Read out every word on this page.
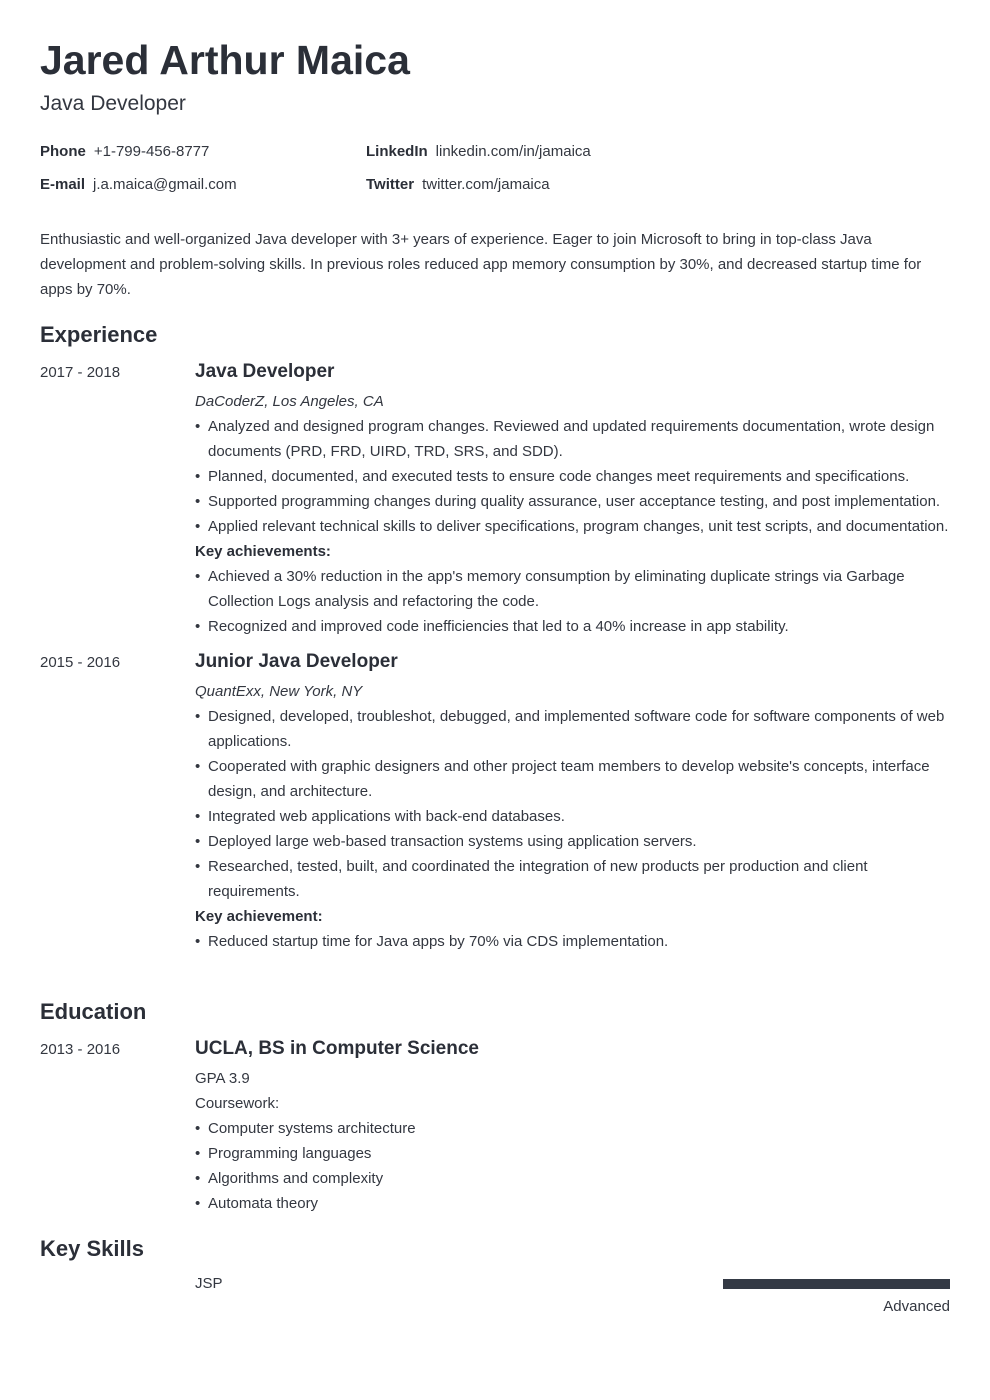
Jared Arthur Maica
Java Developer
Phone +1-799-456-8777
E-mail j.a.maica@gmail.com
LinkedIn linkedin.com/in/jamaica
Twitter twitter.com/jamaica
Enthusiastic and well-organized Java developer with 3+ years of experience. Eager to join Microsoft to bring in top-class Java development and problem-solving skills. In previous roles reduced app memory consumption by 30%, and decreased startup time for apps by 70%.
Experience
2017 - 2018	Java Developer
DaCoderZ, Los Angeles, CA
• Analyzed and designed program changes. Reviewed and updated requirements documentation, wrote design documents (PRD, FRD, UIRD, TRD, SRS, and SDD).
• Planned, documented, and executed tests to ensure code changes meet requirements and specifications.
• Supported programming changes during quality assurance, user acceptance testing, and post implementation.
• Applied relevant technical skills to deliver specifications, program changes, unit test scripts, and documentation.
Key achievements:
• Achieved a 30% reduction in the app's memory consumption by eliminating duplicate strings via Garbage Collection Logs analysis and refactoring the code.
• Recognized and improved code inefficiencies that led to a 40% increase in app stability.
2015 - 2016	Junior Java Developer
QuantExx, New York, NY
• Designed, developed, troubleshot, debugged, and implemented software code for software components of web applications.
• Cooperated with graphic designers and other project team members to develop website's concepts, interface design, and architecture.
• Integrated web applications with back-end databases.
• Deployed large web-based transaction systems using application servers.
• Researched, tested, built, and coordinated the integration of new products per production and client requirements.
Key achievement:
• Reduced startup time for Java apps by 70% via CDS implementation.
Education
2013 - 2016	UCLA, BS in Computer Science
GPA 3.9
Coursework:
• Computer systems architecture
• Programming languages
• Algorithms and complexity
• Automata theory
Key Skills
JSP
Advanced
